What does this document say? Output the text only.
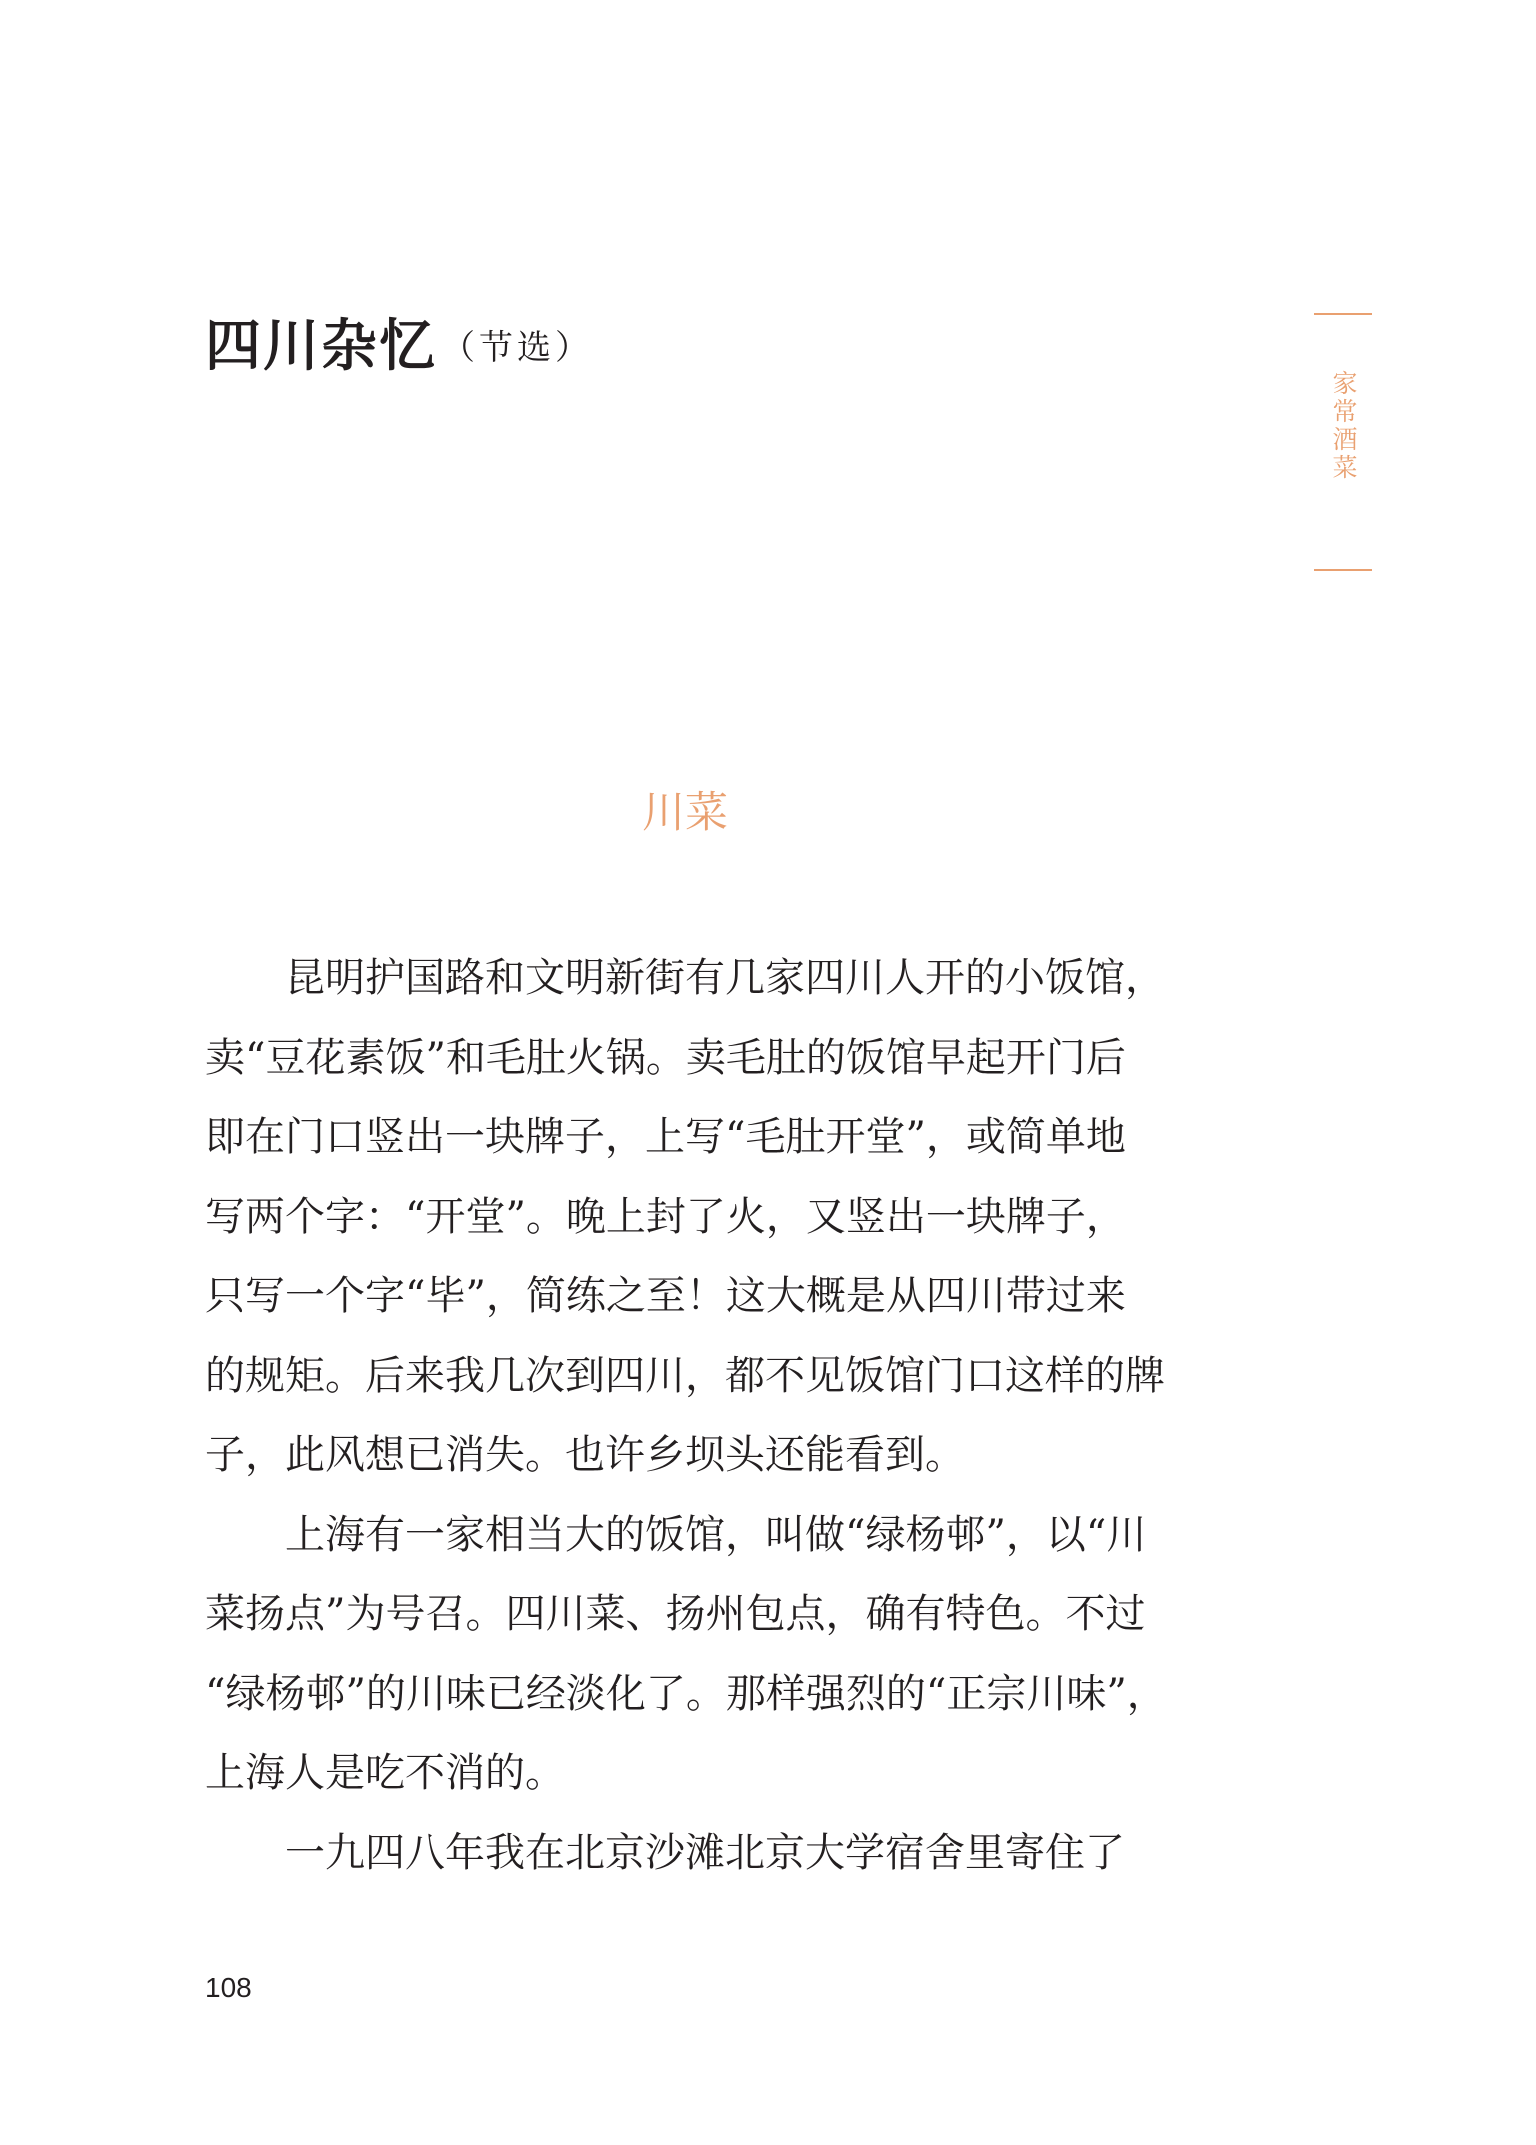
四川杂忆 （节选）

家常酒菜

川菜

昆明护国路和文明新街有几家四川人开的小饭馆，
卖“豆花素饭”和毛肚火锅。卖毛肚的饭馆早起开门后
即在门口竖出一块牌子，上写“毛肚开堂”，或简单地
写两个字：“开堂”。晚上封了火，又竖出一块牌子，
只写一个字“毕”，简练之至！这大概是从四川带过来
的规矩。后来我几次到四川，都不见饭馆门口这样的牌
子，此风想已消失。也许乡坝头还能看到。

上海有一家相当大的饭馆，叫做“绿杨邨”，以“川
菜扬点”为号召。四川菜、扬州包点，确有特色。不过
“绿杨邨”的川味已经淡化了。那样强烈的“正宗川味”，
上海人是吃不消的。

一九四八年我在北京沙滩北京大学宿舍里寄住了

108
